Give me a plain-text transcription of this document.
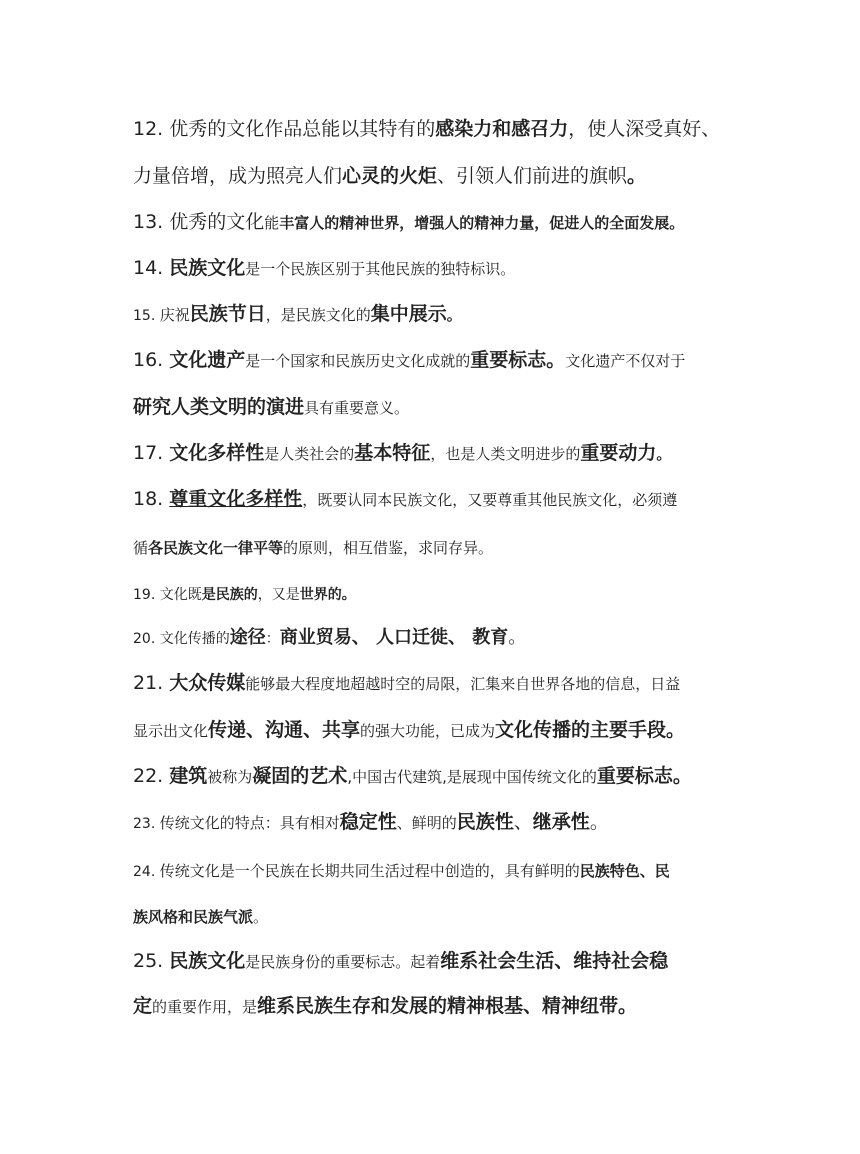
12. 优秀的文化作品总能以其特有的感染力和感召力，使人深受真好、
力量倍增，成为照亮人们心灵的火炬、引领人们前进的旗帜。
13. 优秀的文化能丰富人的精神世界，增强人的精神力量，促进人的全面发展。
14. 民族文化是一个民族区别于其他民族的独特标识。
15. 庆祝民族节日，是民族文化的集中展示。
16. 文化遗产是一个国家和民族历史文化成就的重要标志。文化遗产不仅对于
研究人类文明的演进具有重要意义。
17. 文化多样性是人类社会的基本特征，也是人类文明进步的重要动力。
18. 尊重文化多样性，既要认同本民族文化，又要尊重其他民族文化，必须遵
循各民族文化一律平等的原则，相互借鉴，求同存异。
19. 文化既是民族的，又是世界的。
20. 文化传播的途径：商业贸易、 人口迁徙、 教育。
21. 大众传媒能够最大程度地超越时空的局限，汇集来自世界各地的信息，日益
显示出文化传递、沟通、共享的强大功能，已成为文化传播的主要手段。
22. 建筑被称为凝固的艺术,中国古代建筑,是展现中国传统文化的重要标志。
23. 传统文化的特点：具有相对稳定性、鲜明的民族性、继承性。
24. 传统文化是一个民族在长期共同生活过程中创造的，具有鲜明的民族特色、民
族风格和民族气派。
25. 民族文化是民族身份的重要标志。起着维系社会生活、维持社会稳
定的重要作用，是维系民族生存和发展的精神根基、精神纽带。
